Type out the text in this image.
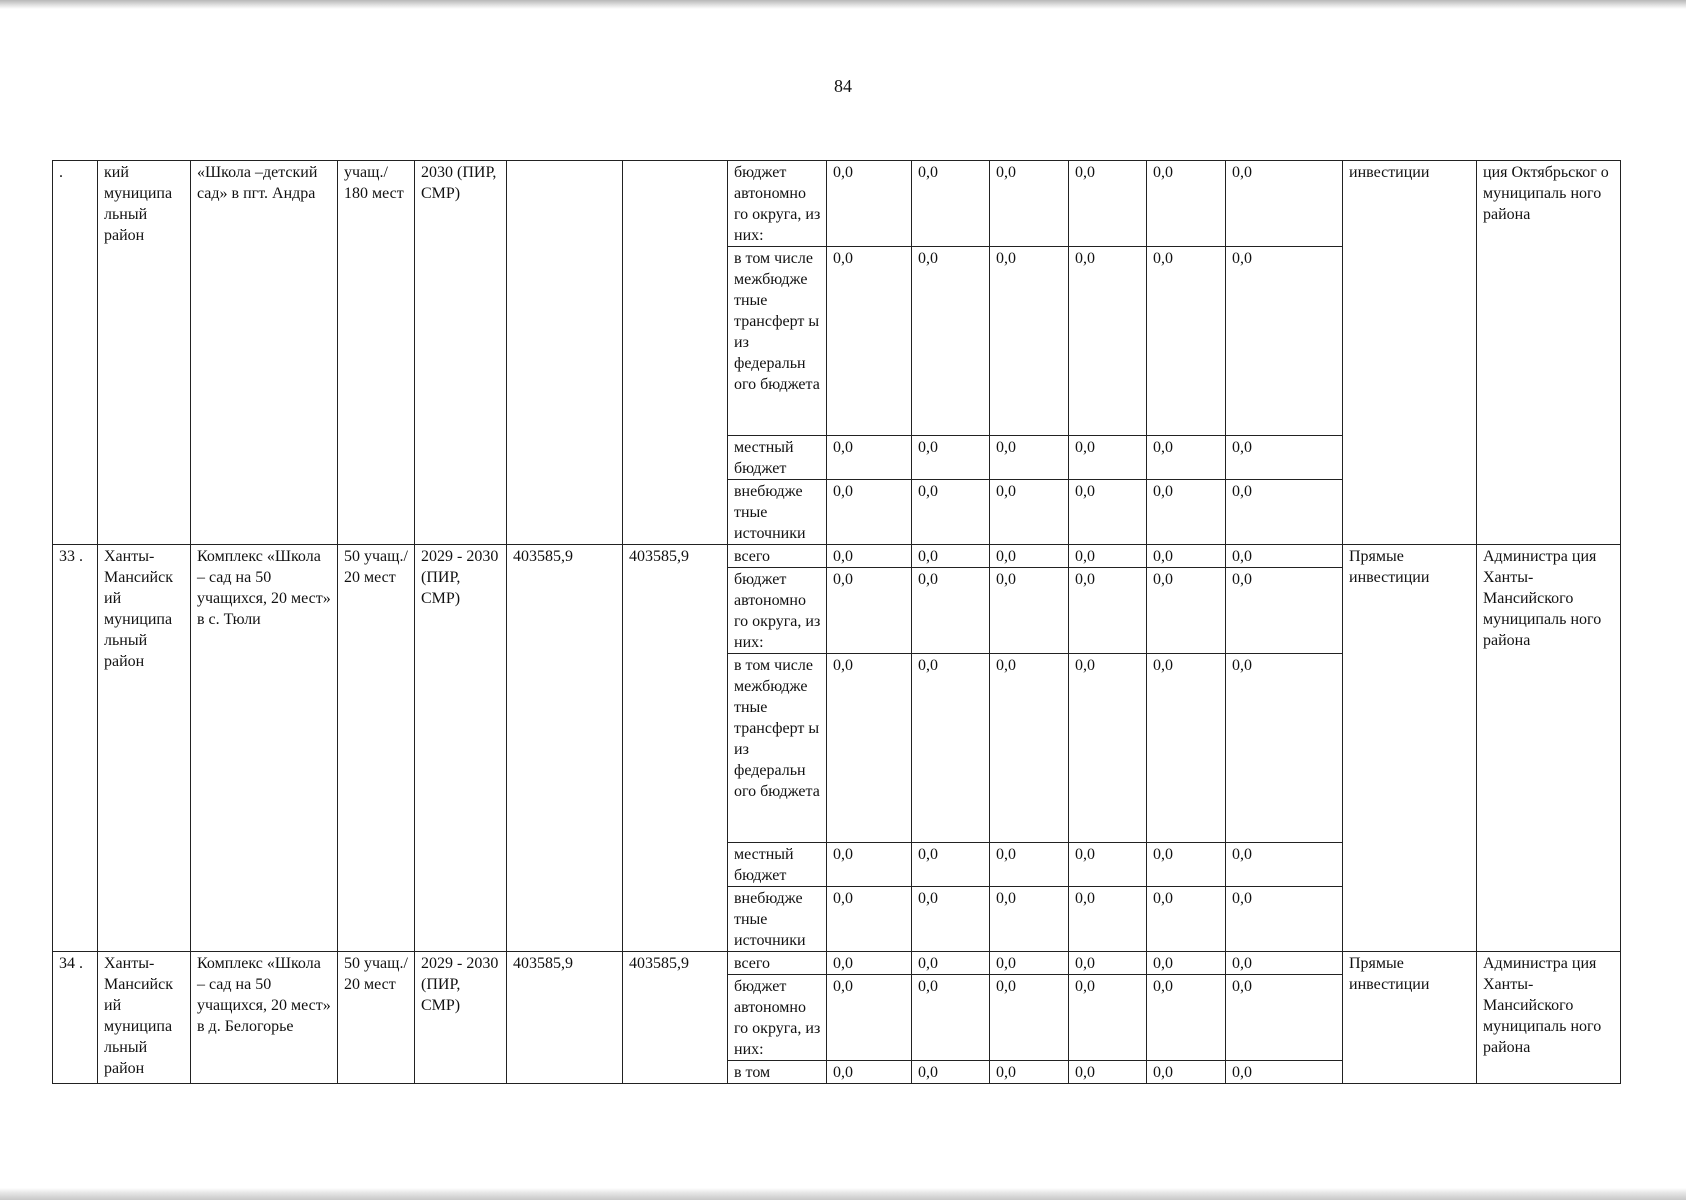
84
.	кий муниципа льный район	«Школа –детский сад» в пгт. Андра	учащ./ 180 мест	2030 (ПИР, СМР)			бюджет автономно го округа, из них:	0,0	0,0	0,0	0,0	0,0	0,0	инвестиции	ция Октябрьског о муниципаль ного района
							в том числе межбюдже тные трансферт ы из федеральн ого бюджета	0,0	0,0	0,0	0,0	0,0	0,0		
							местный бюджет	0,0	0,0	0,0	0,0	0,0	0,0		
							внебюдже тные источники	0,0	0,0	0,0	0,0	0,0	0,0		
33 .	Ханты-Мансийск ий муниципа льный район	Комплекс «Школа – сад на 50 учащихся, 20 мест» в с. Тюли	50 учащ./ 20 мест	2029 - 2030 (ПИР, СМР)	403585,9	403585,9	всего	0,0	0,0	0,0	0,0	0,0	0,0	Прямые инвестиции	Администра ция Ханты-Мансийского муниципаль ного района
							бюджет автономно го округа, из них:	0,0	0,0	0,0	0,0	0,0	0,0		
							в том числе межбюдже тные трансферт ы из федеральн ого бюджета	0,0	0,0	0,0	0,0	0,0	0,0		
							местный бюджет	0,0	0,0	0,0	0,0	0,0	0,0		
							внебюдже тные источники	0,0	0,0	0,0	0,0	0,0	0,0		
34 .	Ханты-Мансийск ий муниципа льный район	Комплекс «Школа – сад на 50 учащихся, 20 мест» в д. Белогорье	50 учащ./ 20 мест	2029 - 2030 (ПИР, СМР)	403585,9	403585,9	всего	0,0	0,0	0,0	0,0	0,0	0,0	Прямые инвестиции	Администра ция Ханты-Мансийского муниципаль ного района
							бюджет автономно го округа, из них:	0,0	0,0	0,0	0,0	0,0	0,0		
							в том	0,0	0,0	0,0	0,0	0,0	0,0		
